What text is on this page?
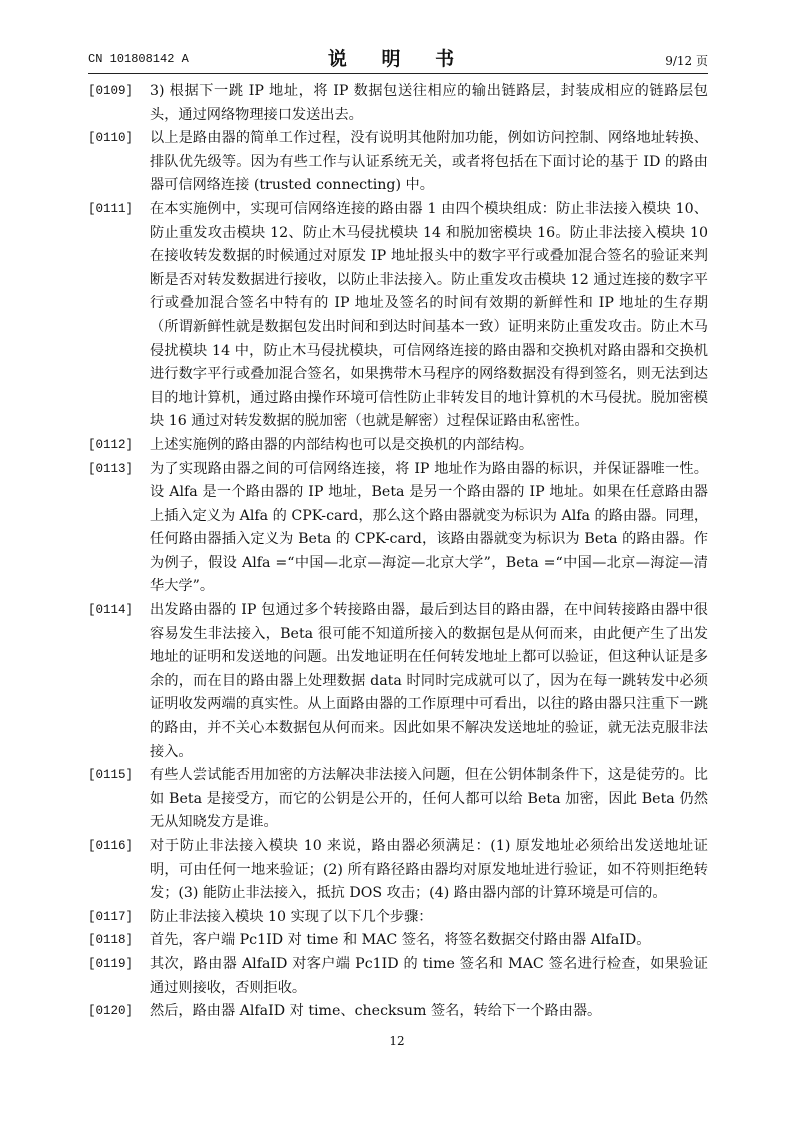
CN 101808142 A	说 明 书	9/12 页
[0109]	3) 根据下一跳 IP 地址，将 IP 数据包送往相应的输出链路层，封装成相应的链路层包头，通过网络物理接口发送出去。
[0110]	以上是路由器的简单工作过程，没有说明其他附加功能，例如访问控制、网络地址转换、排队优先级等。因为有些工作与认证系统无关，或者将包括在下面讨论的基于 ID 的路由器可信网络连接 (trusted connecting) 中。
[0111]	在本实施例中，实现可信网络连接的路由器 1 由四个模块组成：防止非法接入模块 10、防止重发攻击模块 12、防止木马侵扰模块 14 和脱加密模块 16。防止非法接入模块 10 在接收转发数据的时候通过对原发 IP 地址报头中的数字平行或叠加混合签名的验证来判断是否对转发数据进行接收，以防止非法接入。防止重发攻击模块 12 通过连接的数字平行或叠加混合签名中特有的 IP 地址及签名的时间有效期的新鲜性和 IP 地址的生存期（所谓新鲜性就是数据包发出时间和到达时间基本一致）证明来防止重发攻击。防止木马侵扰模块 14 中，防止木马侵扰模块，可信网络连接的路由器和交换机对路由器和交换机进行数字平行或叠加混合签名，如果携带木马程序的网络数据没有得到签名，则无法到达目的地计算机，通过路由操作环境可信性防止非转发目的地计算机的木马侵扰。脱加密模块 16 通过对转发数据的脱加密（也就是解密）过程保证路由私密性。
[0112]	上述实施例的路由器的内部结构也可以是交换机的内部结构。
[0113]	为了实现路由器之间的可信网络连接，将 IP 地址作为路由器的标识，并保证器唯一性。设 Alfa 是一个路由器的 IP 地址，Beta 是另一个路由器的 IP 地址。如果在任意路由器上插入定义为 Alfa 的 CPK-card，那么这个路由器就变为标识为 Alfa 的路由器。同理，任何路由器插入定义为 Beta 的 CPK-card，该路由器就变为标识为 Beta 的路由器。作为例子，假设 Alfa =“中国—北京—海淀—北京大学”，Beta =“中国—北京—海淀—清华大学”。
[0114]	出发路由器的 IP 包通过多个转接路由器，最后到达目的路由器，在中间转接路由器中很容易发生非法接入，Beta 很可能不知道所接入的数据包是从何而来，由此便产生了出发地址的证明和发送地的问题。出发地证明在任何转发地址上都可以验证，但这种认证是多余的，而在目的路由器上处理数据 data 时同时完成就可以了，因为在每一跳转发中必须证明收发两端的真实性。从上面路由器的工作原理中可看出，以往的路由器只注重下一跳的路由，并不关心本数据包从何而来。因此如果不解决发送地址的验证，就无法克服非法接入。
[0115]	有些人尝试能否用加密的方法解决非法接入问题，但在公钥体制条件下，这是徒劳的。比如 Beta 是接受方，而它的公钥是公开的，任何人都可以给 Beta 加密，因此 Beta 仍然无从知晓发方是谁。
[0116]	对于防止非法接入模块 10 来说，路由器必须满足：(1) 原发地址必须给出发送地址证明，可由任何一地来验证；(2) 所有路径路由器均对原发地址进行验证，如不符则拒绝转发；(3) 能防止非法接入，抵抗 DOS 攻击；(4) 路由器内部的计算环境是可信的。
[0117]	防止非法接入模块 10 实现了以下几个步骤：
[0118]	首先，客户端 Pc1ID 对 time 和 MAC 签名，将签名数据交付路由器 AlfaID。
[0119]	其次，路由器 AlfaID 对客户端 Pc1ID 的 time 签名和 MAC 签名进行检查，如果验证通过则接收，否则拒收。
[0120]	然后，路由器 AlfaID 对 time、checksum 签名，转给下一个路由器。
12
